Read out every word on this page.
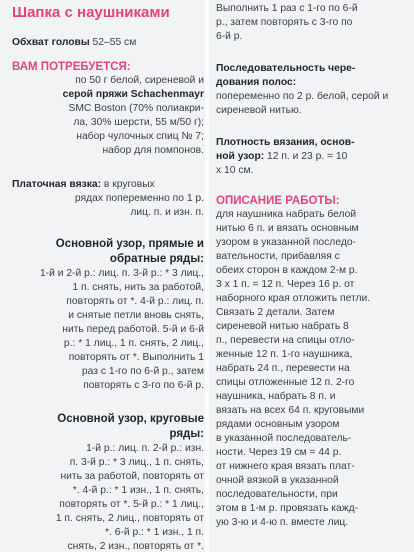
Шапка с наушниками
Обхват головы 52–55 см
ВАМ ПОТРЕБУЕТСЯ:
по 50 г белой, сиреневой и
серой пряжи Schachenmayr
SMC Boston (70% полиакри-
ла, 30% шерсти, 55 м/50 г);
набор чулочных спиц № 7;
набор для помпонов.
Платочная вязка: в круговых
рядах попеременно по 1 р.
лиц. п. и изн. п.
Основной узор, прямые и
обратные ряды:
1-й и 2-й р.: лиц. п. 3-й р.: * 3 лиц.,
1 п. снять, нить за работой,
повторять от *. 4-й р.: лиц. п.
и снятые петли вновь снять,
нить перед работой. 5-й и 6-й
р.: * 1 лиц., 1 п. снять, 2 лиц.,
повторять от *. Выполнить 1
раз с 1-го по 6-й р., затем
повторять с 3-го по 6-й р.
Основной узор, круговые
ряды:
1-й р.: лиц. п. 2-й р.: изн.
п. 3-й р.: * 3 лиц., 1 п. снять,
нить за работой, повторять от
*. 4-й р.: * 1 изн., 1 п. снять,
повторять от *. 5-й р.: * 1 лиц.,
1 п. снять, 2 лиц., повторять от
*. 6-й р.: * 1 изн., 1 п.
снять, 2 изн., повторять от *.
Выполнить 1 раз с 1-го по 6-й
р., затем повторять с 3-го по
6-й р.
Последовательность чере-
дования полос:
попеременно по 2 р. белой, серой и
сиреневой нитью.
Плотность вязания, основ-
ной узор: 12 п. и 23 р. = 10
х 10 см.
ОПИСАНИЕ РАБОТЫ:
для наушника набрать белой
нитью 6 п. и вязать основным
узором в указанной последо-
вательности, прибавляя с
обеих сторон в каждом 2-м р.
3 х 1 п. = 12 п. Через 16 р. от
наборного края отложить петли.
Связать 2 детали. Затем
сиреневой нитью набрать 8
п., перевести на спицы отло-
женные 12 п. 1-го наушника,
набрать 24 п., перевести на
спицы отложенные 12 п. 2-го
наушника, набрать 8 п. и
вязать на всех 64 п. круговыми
рядами основным узором
в указанной последователь-
ности. Через 19 см = 44 р.
от нижнего края вязать плат-
очной вязкой в указанной
последовательности, при
этом в 1-м р. провязать кажд-
ую 3-ю и 4-ю п. вместе лиц.
